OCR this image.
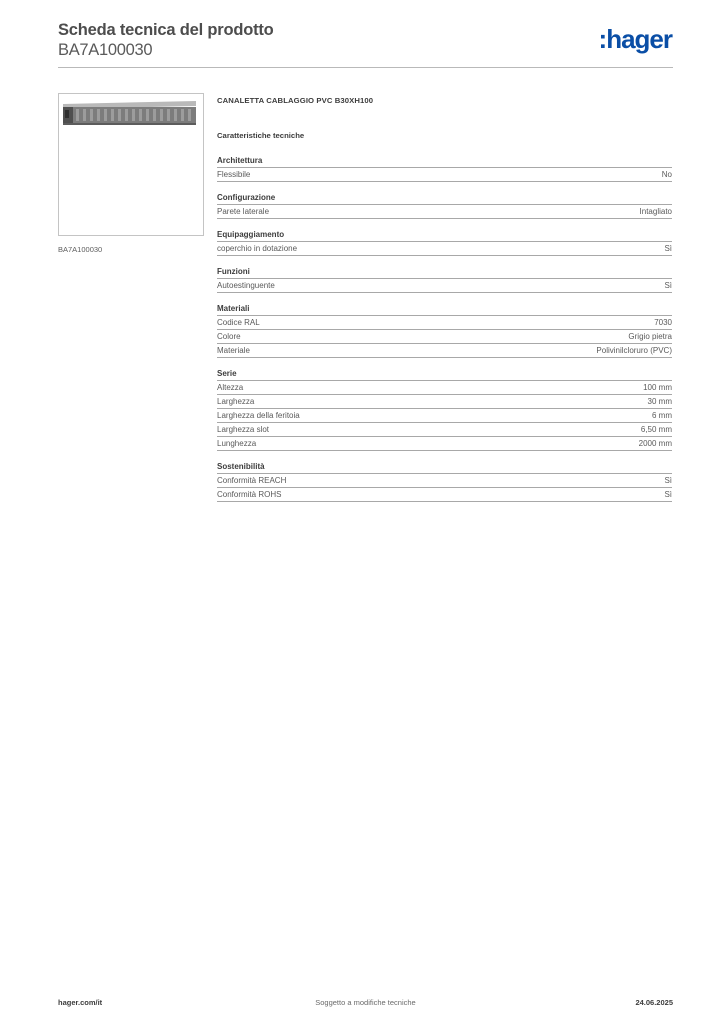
Scheda tecnica del prodotto
BA7A100030	:hager
BA7A100030
CANALETTA CABLAGGIO PVC B30XH100
Caratteristiche tecniche
Architettura
Flessibile	No
Configurazione
Parete laterale	Intagliato
Equipaggiamento
coperchio in dotazione	Sì
Funzioni
Autoestinguente	Sì
Materiali
Codice RAL	7030
Colore	Grigio pietra
Materiale	Polivinilcloruro (PVC)
Serie
Altezza	100 mm
Larghezza	30 mm
Larghezza della feritoia	6 mm
Larghezza slot	6,50 mm
Lunghezza	2000 mm
Sostenibilità
Conformità REACH	Sì
Conformità ROHS	Sì
Soggetto a modifiche tecniche
hager.com/it	24.06.2025
